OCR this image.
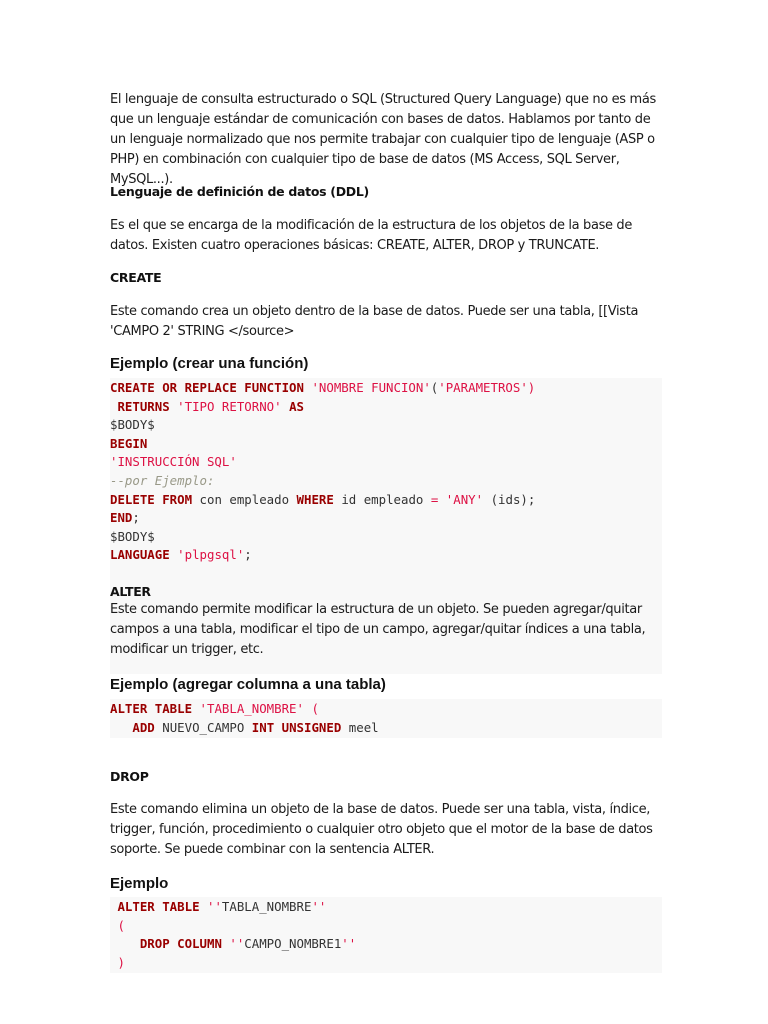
El lenguaje de consulta estructurado o SQL (Structured Query Language) que no es más que un lenguaje estándar de comunicación con bases de datos. Hablamos por tanto de un lenguaje normalizado que nos permite trabajar con cualquier tipo de lenguaje (ASP o PHP) en combinación con cualquier tipo de base de datos (MS Access, SQL Server, MySQL...).

Lenguaje de definición de datos (DDL)

Es el que se encarga de la modificación de la estructura de los objetos de la base de datos. Existen cuatro operaciones básicas: CREATE, ALTER, DROP y TRUNCATE.

CREATE

Este comando crea un objeto dentro de la base de datos. Puede ser una tabla, [[Vista 'CAMPO 2' STRING </source>

Ejemplo (crear una función)

CREATE OR REPLACE FUNCTION 'NOMBRE FUNCION'('PARAMETROS')
RETURNS 'TIPO RETORNO' AS
$BODY$
BEGIN
'INSTRUCCIÓN SQL'
--por Ejemplo:
DELETE FROM con empleado WHERE id empleado = 'ANY' (ids);
END;
$BODY$
LANGUAGE 'plpgsql';

ALTER

Este comando permite modificar la estructura de un objeto. Se pueden agregar/quitar campos a una tabla, modificar el tipo de un campo, agregar/quitar índices a una tabla, modificar un trigger, etc.

Ejemplo (agregar columna a una tabla)

ALTER TABLE 'TABLA_NOMBRE' (
ADD NUEVO_CAMPO INT UNSIGNED meel

DROP

Este comando elimina un objeto de la base de datos. Puede ser una tabla, vista, índice, trigger, función, procedimiento o cualquier otro objeto que el motor de la base de datos soporte. Se puede combinar con la sentencia ALTER.

Ejemplo

ALTER TABLE ''TABLA_NOMBRE''
(
DROP COLUMN ''CAMPO_NOMBRE1''
)
